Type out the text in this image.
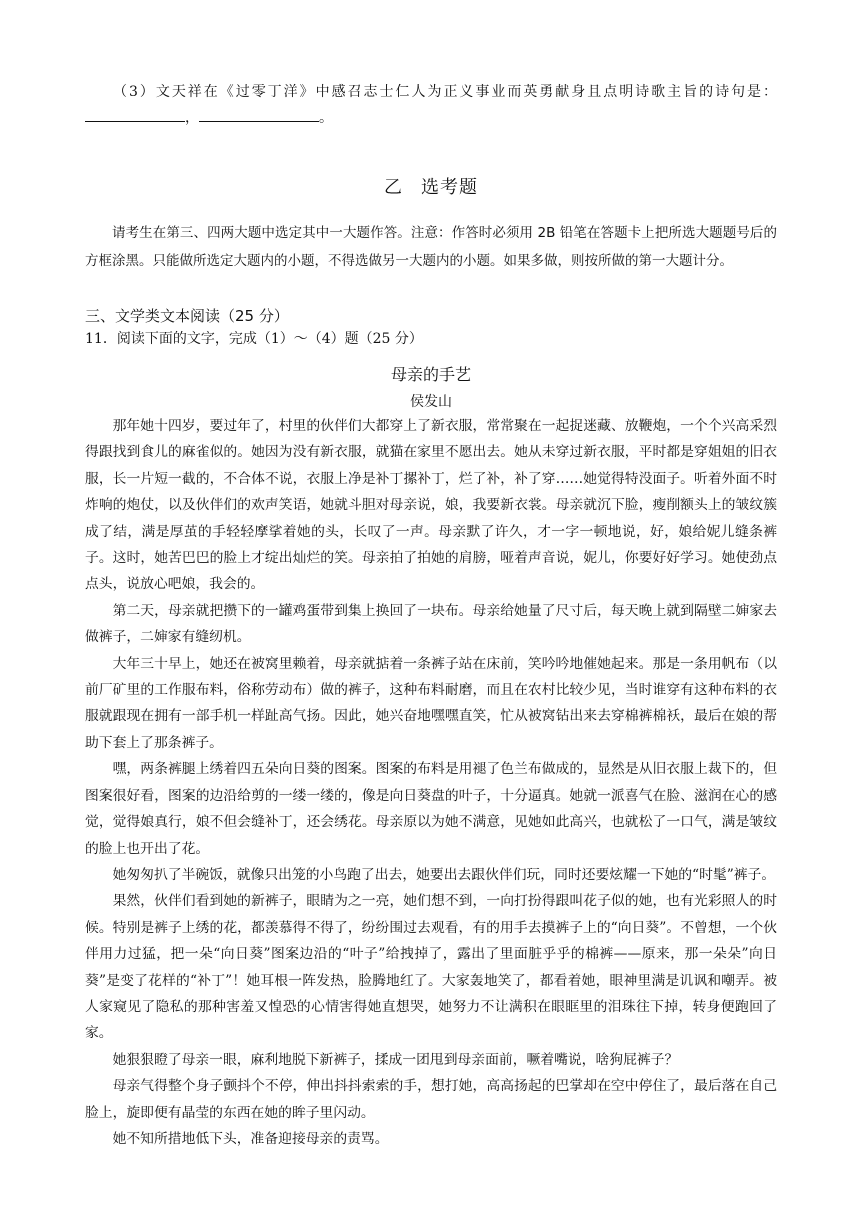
（3）文天祥在《过零丁洋》中感召志士仁人为正义事业而英勇献身且点明诗歌主旨的诗句是：，	。

乙 选考题

请考生在第三、四两大题中选定其中一大题作答。注意：作答时必须用 2B 铅笔在答题卡上把所选大题题号后的方框涂黑。只能做所选定大题内的小题，不得选做另一大题内的小题。如果多做，则按所做的第一大题计分。

三、文学类文本阅读（25 分）

11．阅读下面的文字，完成（1）～（4）题（25 分）

母亲的手艺
侯发山

那年她十四岁，要过年了，村里的伙伴们大都穿上了新衣服，常常聚在一起捉迷藏、放鞭炮，一个个兴高采烈得跟找到食儿的麻雀似的。她因为没有新衣服，就猫在家里不愿出去。她从未穿过新衣服，平时都是穿姐姐的旧衣服，长一片短一截的，不合体不说，衣服上净是补丁摞补丁，烂了补，补了穿……她觉得特没面子。听着外面不时炸响的炮仗，以及伙伴们的欢声笑语，她就斗胆对母亲说，娘，我要新衣裳。母亲就沉下脸，瘦削额头上的皱纹簇成了结，满是厚茧的手轻轻摩挲着她的头，长叹了一声。母亲默了许久，才一字一顿地说，好，娘给妮儿缝条裤子。这时，她苦巴巴的脸上才绽出灿烂的笑。母亲拍了拍她的肩膀，哑着声音说，妮儿，你要好好学习。她使劲点点头，说放心吧娘，我会的。

第二天，母亲就把攒下的一罐鸡蛋带到集上换回了一块布。母亲给她量了尺寸后，每天晚上就到隔壁二婶家去做裤子，二婶家有缝纫机。

大年三十早上，她还在被窝里赖着，母亲就掂着一条裤子站在床前，笑吟吟地催她起来。那是一条用帆布（以前厂矿里的工作服布料，俗称劳动布）做的裤子，这种布料耐磨，而且在农村比较少见，当时谁穿有这种布料的衣服就跟现在拥有一部手机一样趾高气扬。因此，她兴奋地嘿嘿直笑，忙从被窝钻出来去穿棉裤棉袄，最后在娘的帮助下套上了那条裤子。

嘿，两条裤腿上绣着四五朵向日葵的图案。图案的布料是用褪了色兰布做成的，显然是从旧衣服上裁下的，但图案很好看，图案的边沿给剪的一缕一缕的，像是向日葵盘的叶子，十分逼真。她就一派喜气在脸、滋润在心的感觉，觉得娘真行，娘不但会缝补丁，还会绣花。母亲原以为她不满意，见她如此高兴，也就松了一口气，满是皱纹的脸上也开出了花。

她匆匆扒了半碗饭，就像只出笼的小鸟跑了出去，她要出去跟伙伴们玩，同时还要炫耀一下她的“时髦”裤子。

果然，伙伴们看到她的新裤子，眼睛为之一亮，她们想不到，一向打扮得跟叫花子似的她，也有光彩照人的时候。特别是裤子上绣的花，都羡慕得不得了，纷纷围过去观看，有的用手去摸裤子上的“向日葵”。不曾想，一个伙伴用力过猛，把一朵“向日葵”图案边沿的“叶子”给拽掉了，露出了里面脏乎乎的棉裤——原来，那一朵朵”向日葵”是变了花样的“补丁”！她耳根一阵发热，脸腾地红了。大家轰地笑了，都看着她，眼神里满是讥讽和嘲弄。被人家窥见了隐私的那种害羞又惶恐的心情害得她直想哭，她努力不让满积在眼眶里的泪珠往下掉，转身便跑回了家。

她狠狠瞪了母亲一眼，麻利地脱下新裤子，揉成一团甩到母亲面前，噘着嘴说，啥狗屁裤子？

母亲气得整个身子颤抖个不停，伸出抖抖索索的手，想打她，高高扬起的巴掌却在空中停住了，最后落在自己脸上，旋即便有晶莹的东西在她的眸子里闪动。

她不知所措地低下头，准备迎接母亲的责骂。
